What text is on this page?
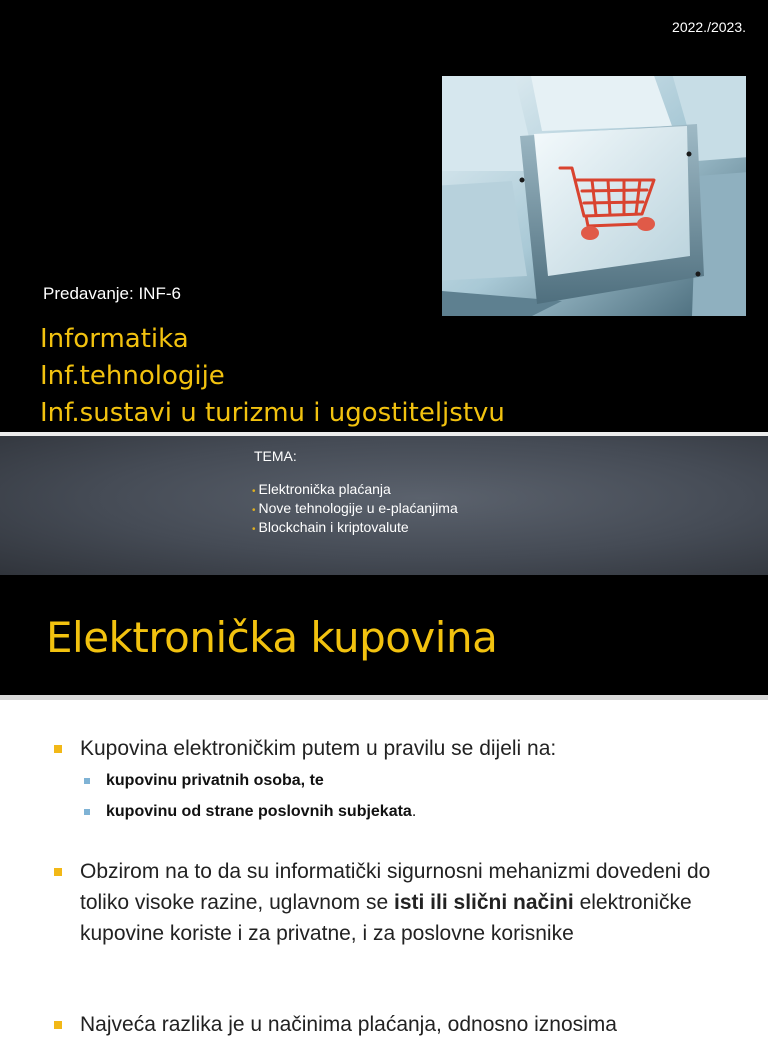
2022./2023.
Predavanje: INF-6
Informatika
Inf.tehnologije
Inf.sustavi u turizmu i ugostiteljstvu
TEMA:
• Elektronička plaćanja
• Nove tehnologije u e-plaćanjima
• Blockchain i kriptovalute
Elektronička kupovina
Kupovina elektroničkim putem u pravilu se dijeli na:
kupovinu privatnih osoba, te
kupovinu od strane poslovnih subjekata.
Obzirom na to da su informatički sigurnosni mehanizmi dovedeni do toliko visoke razine, uglavnom se isti ili slični načini elektroničke kupovine koriste i za privatne, i za poslovne korisnike
Najveća razlika je u načinima plaćanja, odnosno iznosima
